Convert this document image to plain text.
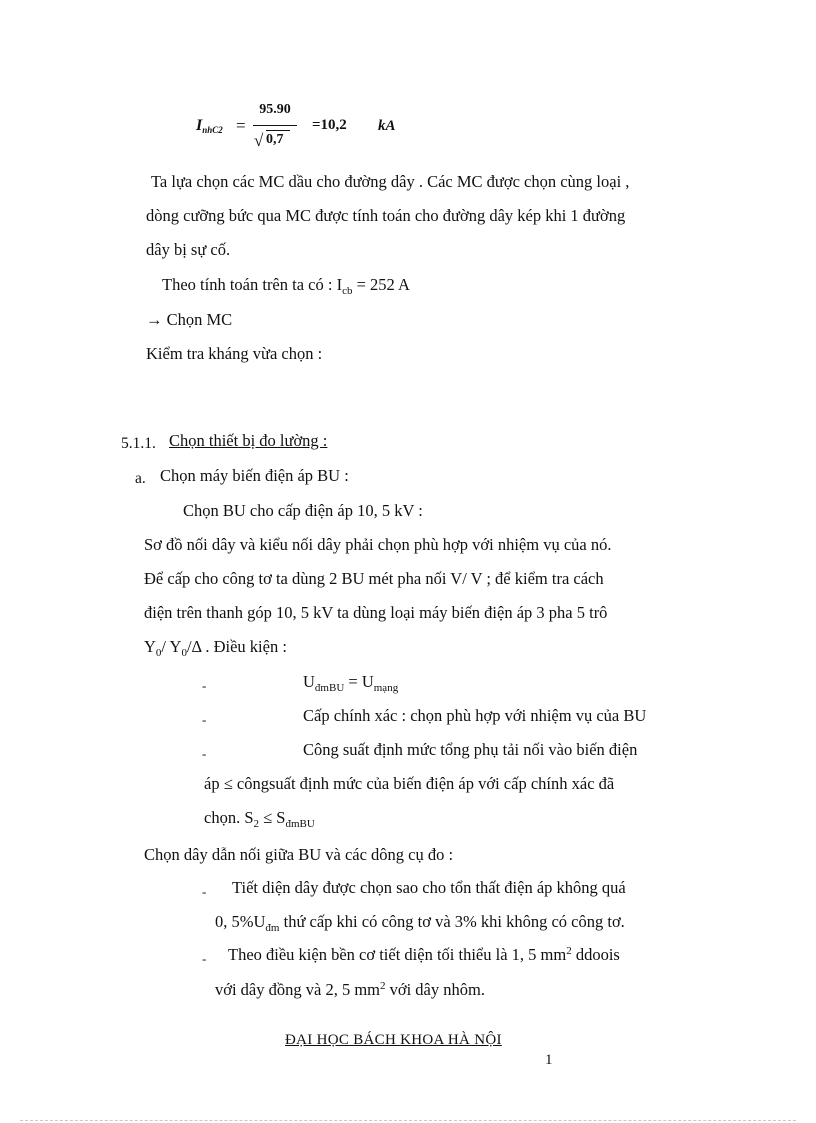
$I_{nhC2}$ =
95.90
√ 0,7
=10,2 kA
Ta lựa chọn các MC dầu cho đường dây . Các MC được chọn cùng loại ,
dòng cưỡng bức qua MC được tính toán cho đường dây kép khi 1 đường
dây bị sự cố.
Theo tính toán trên ta có : $I_{cb} = 252$ A
→ Chọn MC
Kiểm tra kháng vừa chọn :
5.1.1. Chọn thiết bị đo lường :
a. Chọn máy biến điện áp BU :
Chọn BU cho cấp điện áp 10, 5 kV :
Sơ đồ nối dây và kiểu nối dây phải chọn phù hợp với nhiệm vụ của nó.
Để cấp cho công tơ ta dùng 2 BU mét pha nối V/ V ; để kiểm tra cách
điện trên thanh góp 10, 5 kV ta dùng loại máy biến điện áp 3 pha 5 trô
$Y_0/$ $Y_0/\Delta$ . Điều kiện :
-	$U_{đmBU} = U_{mạng}$
-	Cấp chính xác : chọn phù hợp với nhiệm vụ của BU
-	Công suất định mức tổng phụ tải nối vào biến điện
áp ≤ côngsuất định mức của biến điện áp với cấp chính xác đã
chọn. $S_2 \le S_{đmBU}$
Chọn dây dẫn nối giữa BU và các dông cụ đo :
- Tiết diện dây được chọn sao cho tổn thất điện áp không quá
0, $5\%U_{đm}$ thứ cấp khi có công tơ và 3% khi không có công tơ.
- Theo điều kiện bền cơ tiết diện tối thiểu là 1, 5 $mm^2$ ddoois
với dây đồng và 2, 5 $mm^2$ với dây nhôm.
ĐẠI HỌC BÁCH KHOA HÀ NỘI
1
